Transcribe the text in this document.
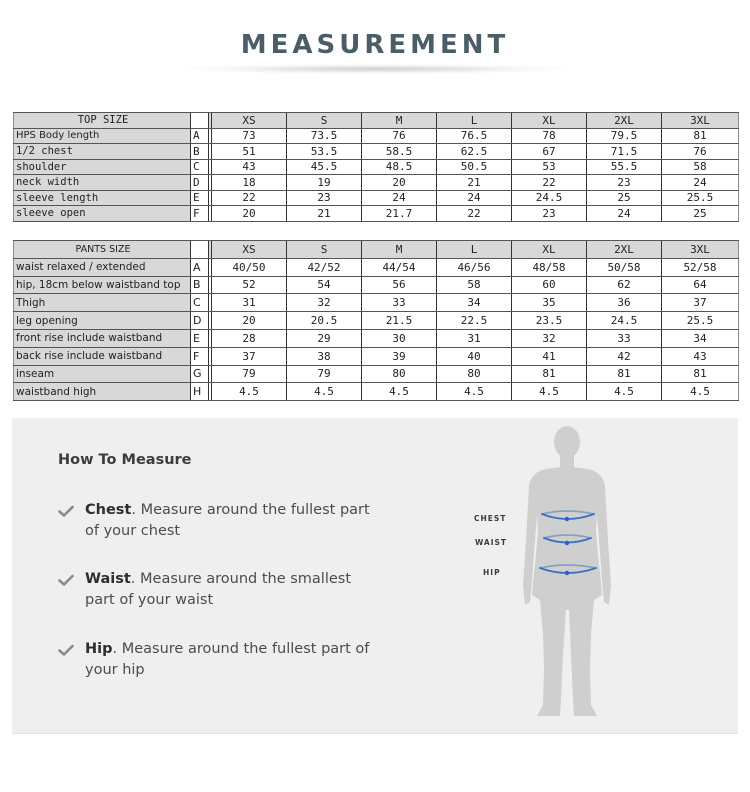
MEASUREMENT
TOP SIZE			XS	S	M	L	XL	2XL	3XL
HPS Body length	A		73	73.5	76	76.5	78	79.5	81
1/2 chest	B		51	53.5	58.5	62.5	67	71.5	76
shoulder	C		43	45.5	48.5	50.5	53	55.5	58
neck width	D		18	19	20	21	22	23	24
sleeve length	E		22	23	24	24	24.5	25	25.5
sleeve open	F		20	21	21.7	22	23	24	25
PANTS SIZE			XS	S	M	L	XL	2XL	3XL
waist relaxed / extended	A		40/50	42/52	44/54	46/56	48/58	50/58	52/58
hip, 18cm below waistband top	B		52	54	56	58	60	62	64
Thigh	C		31	32	33	34	35	36	37
leg opening	D		20	20.5	21.5	22.5	23.5	24.5	25.5
front rise include waistband	E		28	29	30	31	32	33	34
back rise include waistband	F		37	38	39	40	41	42	43
inseam	G		79	79	80	80	81	81	81
waistband high	H		4.5	4.5	4.5	4.5	4.5	4.5	4.5
How To Measure
Chest. Measure around the fullest part of your chest
Waist. Measure around the smallest part of your waist
Hip. Measure around the fullest part of your hip
CHEST
WAIST
HIP
